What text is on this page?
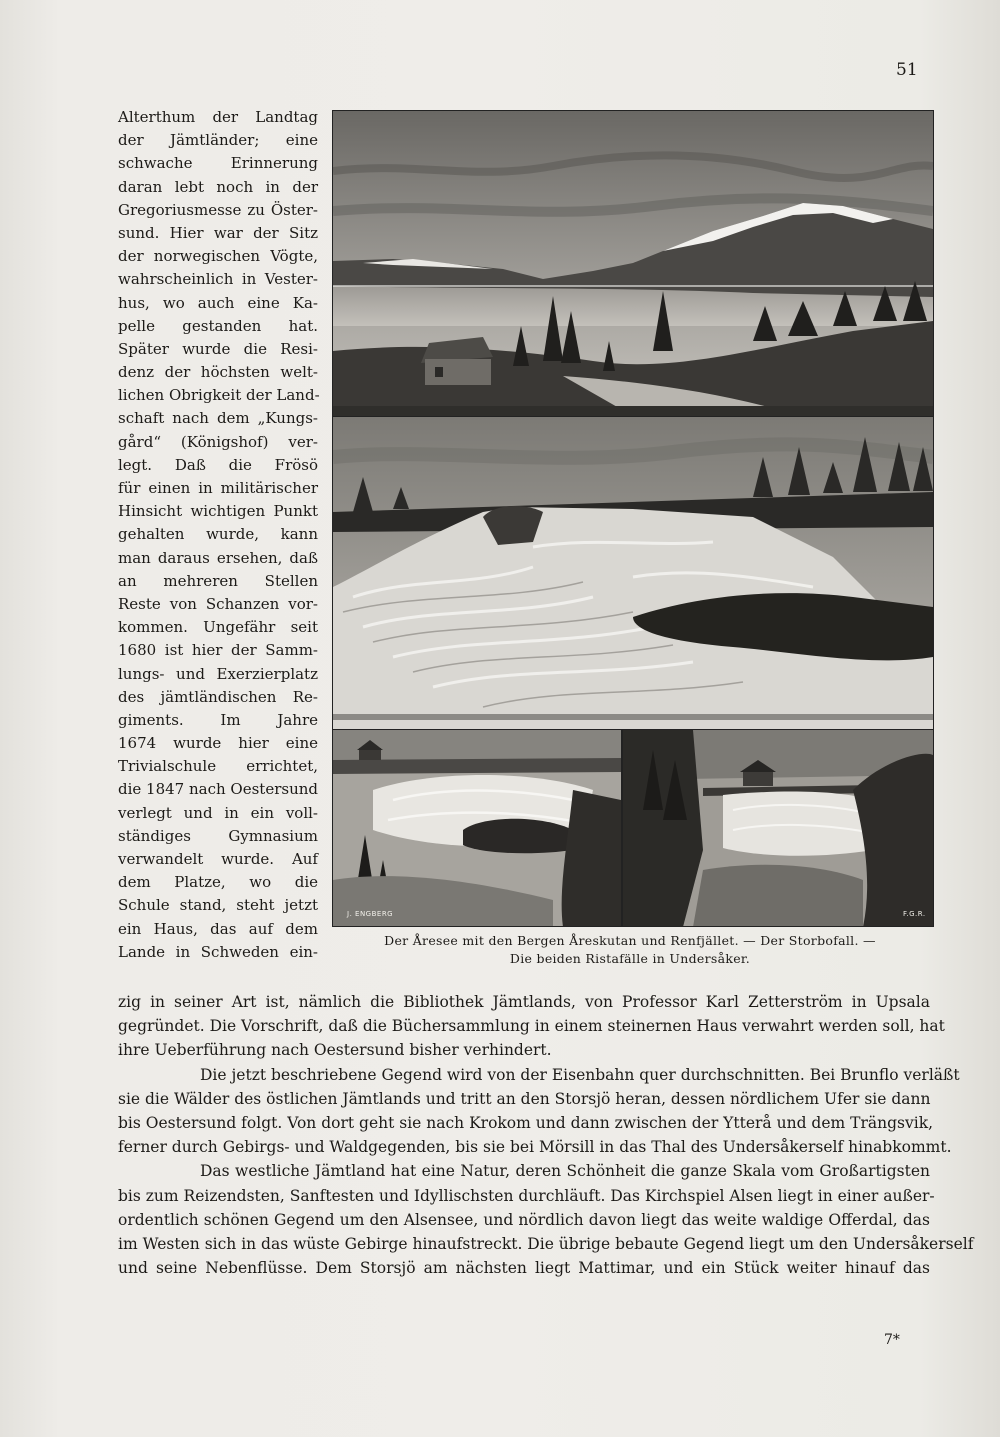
51
Alterthum der Landtag
der Jämtländer; eine
schwache Erinnerung
daran lebt noch in der
Gregoriusmesse zu Öster-
sund. Hier war der Sitz
der norwegischen Vögte,
wahrscheinlich in Vester-
hus, wo auch eine Ka-
pelle gestanden hat.
Später wurde die Resi-
denz der höchsten welt-
lichen Obrigkeit der Land-
schaft nach dem „Kungs-
gård“ (Königshof) ver-
legt. Daß die Frösö
für einen in militärischer
Hinsicht wichtigen Punkt
gehalten wurde, kann
man daraus ersehen, daß
an mehreren Stellen
Reste von Schanzen vor-
kommen. Ungefähr seit
1680 ist hier der Samm-
lungs- und Exerzierplatz
des jämtländischen Re-
giments. Im Jahre
1674 wurde hier eine
Trivialschule errichtet,
die 1847 nach Oestersund
verlegt und in ein voll-
ständiges Gymnasium
verwandelt wurde. Auf
dem Platze, wo die
Schule stand, steht jetzt
ein Haus, das auf dem
Lande in Schweden ein-
J. ENGBERG	F.G.R.
Der Åresee mit den Bergen Åreskutan und Renfjället. — Der Storbofall. —
Die beiden Ristafälle in Undersåker.
zig in seiner Art ist, nämlich die Bibliothek Jämtlands, von Professor Karl Zetterström in Upsala
gegründet. Die Vorschrift, daß die Büchersammlung in einem steinernen Haus verwahrt werden soll, hat
ihre Ueberführung nach Oestersund bisher verhindert.
Die jetzt beschriebene Gegend wird von der Eisenbahn quer durchschnitten. Bei Brunflo verläßt
sie die Wälder des östlichen Jämtlands und tritt an den Storsjö heran, dessen nördlichem Ufer sie dann
bis Oestersund folgt. Von dort geht sie nach Krokom und dann zwischen der Ytterå und dem Trängsvik,
ferner durch Gebirgs- und Waldgegenden, bis sie bei Mörsill in das Thal des Undersåkerself hinabkommt.
Das westliche Jämtland hat eine Natur, deren Schönheit die ganze Skala vom Großartigsten
bis zum Reizendsten, Sanftesten und Idyllischsten durchläuft. Das Kirchspiel Alsen liegt in einer außer-
ordentlich schönen Gegend um den Alsensee, und nördlich davon liegt das weite waldige Offerdal, das
im Westen sich in das wüste Gebirge hinaufstreckt. Die übrige bebaute Gegend liegt um den Undersåkerself
und seine Nebenflüsse. Dem Storsjö am nächsten liegt Mattimar, und ein Stück weiter hinauf das
7*
